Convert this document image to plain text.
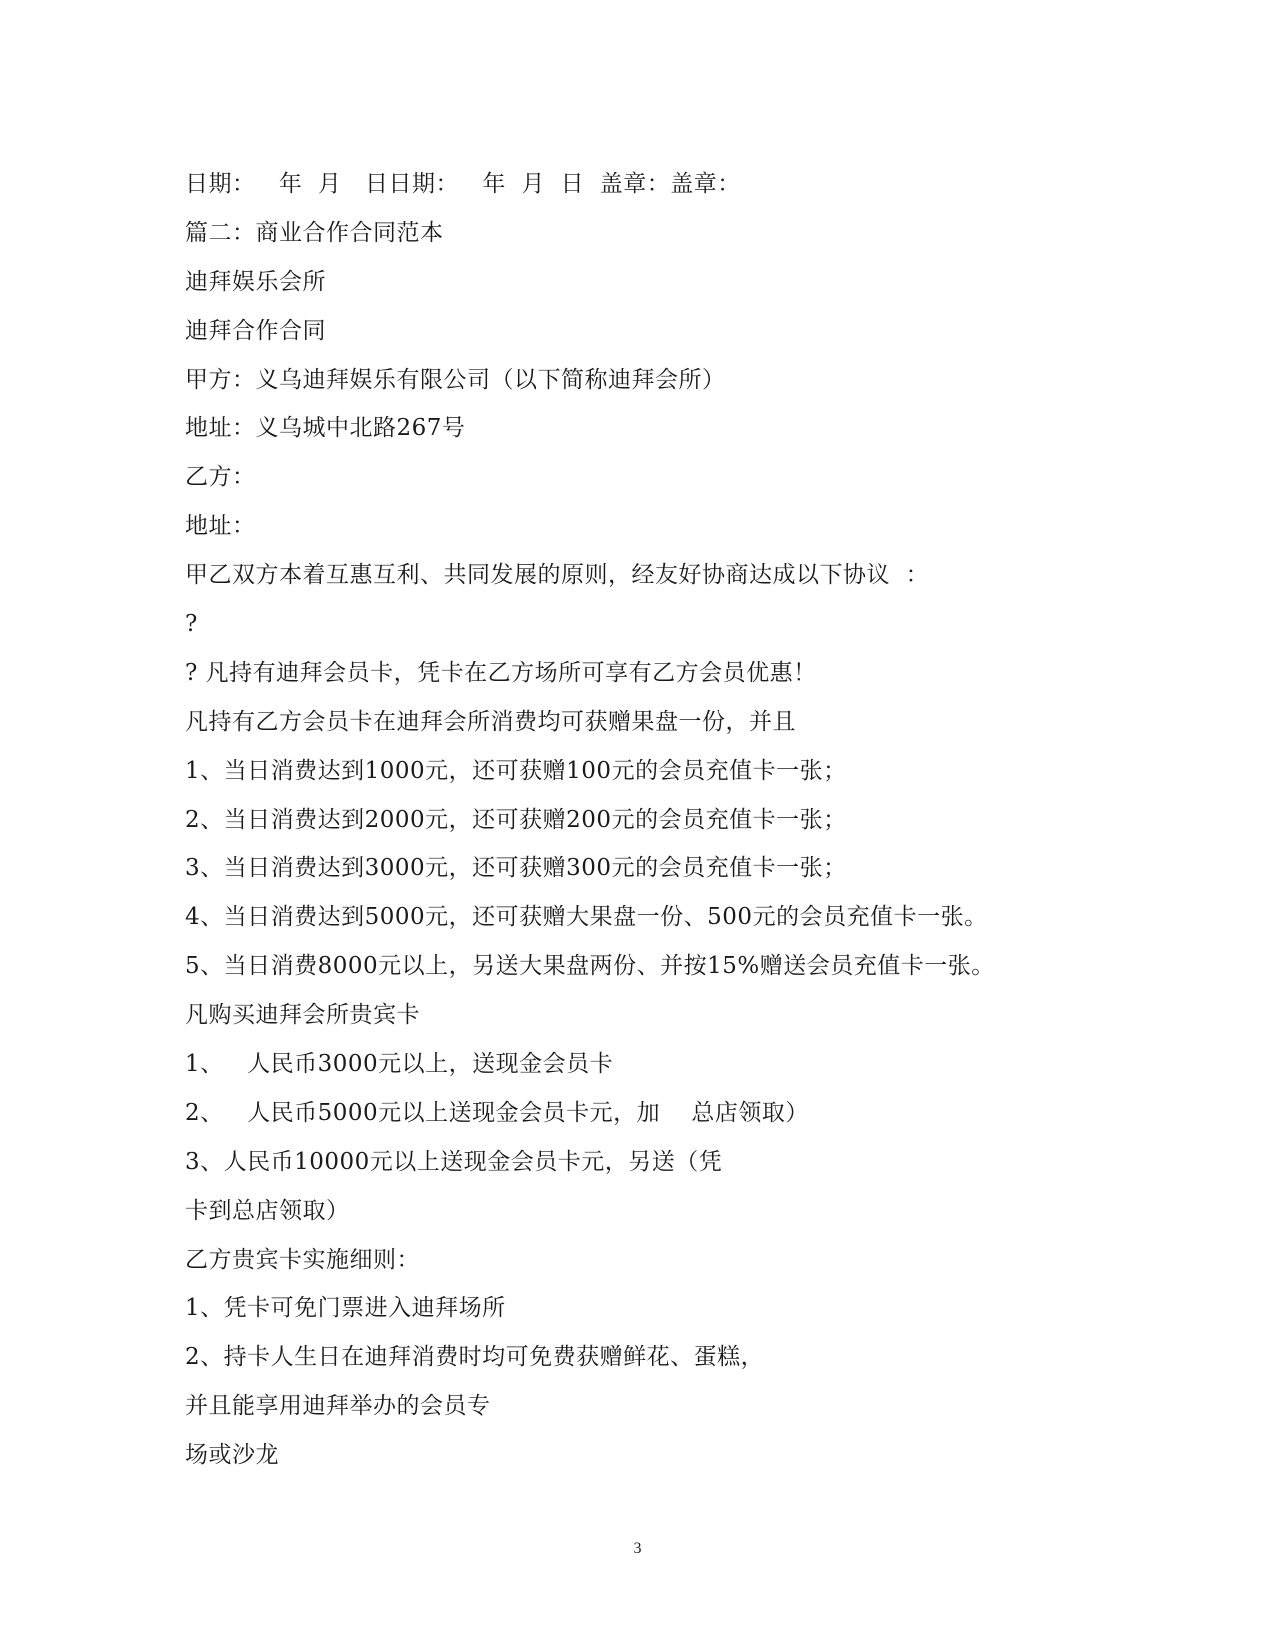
日期：   年  月   日日期：   年  月  日  盖章：盖章：
篇二：商业合作合同范本
迪拜娱乐会所
迪拜合作合同
甲方：义乌迪拜娱乐有限公司（以下简称迪拜会所）
地址：义乌城中北路267号
乙方：
地址：
甲乙双方本着互惠互利、共同发展的原则，经友好协商达成以下协议  ：
?
? 凡持有迪拜会员卡，凭卡在乙方场所可享有乙方会员优惠！
凡持有乙方会员卡在迪拜会所消费均可获赠果盘一份，并且
1、当日消费达到1000元，还可获赠100元的会员充值卡一张；
2、当日消费达到2000元，还可获赠200元的会员充值卡一张；
3、当日消费达到3000元，还可获赠300元的会员充值卡一张；
4、当日消费达到5000元，还可获赠大果盘一份、500元的会员充值卡一张。
5、当日消费8000元以上，另送大果盘两份、并按15%赠送会员充值卡一张。
凡购买迪拜会所贵宾卡
1、   人民币3000元以上，送现金会员卡
2、   人民币5000元以上送现金会员卡元，加    总店领取）
3、人民币10000元以上送现金会员卡元，另送（凭
卡到总店领取）
乙方贵宾卡实施细则：
1、凭卡可免门票进入迪拜场所
2、持卡人生日在迪拜消费时均可免费获赠鲜花、蛋糕，
并且能享用迪拜举办的会员专
场或沙龙
3
